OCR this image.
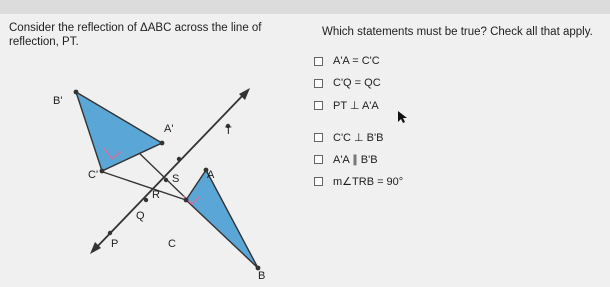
Consider the reflection of ΔABC across the line of reflection, PT.
Which statements must be true? Check all that apply.
A'A = C'C
C'Q = QC
PT ⊥ A'A
C'C ⊥ B'B
A'A ∥ B'B
m∠TRB = 90°
B'
A'	T
C'	A
S
R
Q
P	C
B
